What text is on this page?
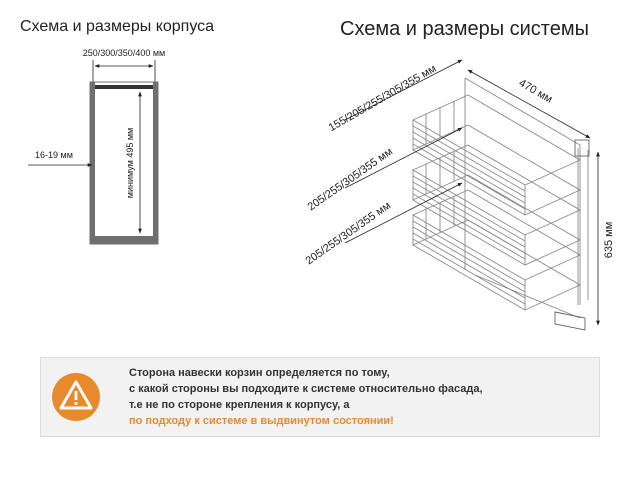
Схема и размеры корпуса	Схема и размеры системы
250/300/350/400 мм
16-19 мм	минимум 495 мм
470 мм
635 мм
155/205/255/305/355 мм
205/255/305/355 мм
205/255/305/355 мм
Сторона навески корзин определяется по тому,
с какой стороны вы подходите к системе относительно фасада,
т.е не по стороне крепления к корпусу, а
по подходу к системе в выдвинутом состоянии!
